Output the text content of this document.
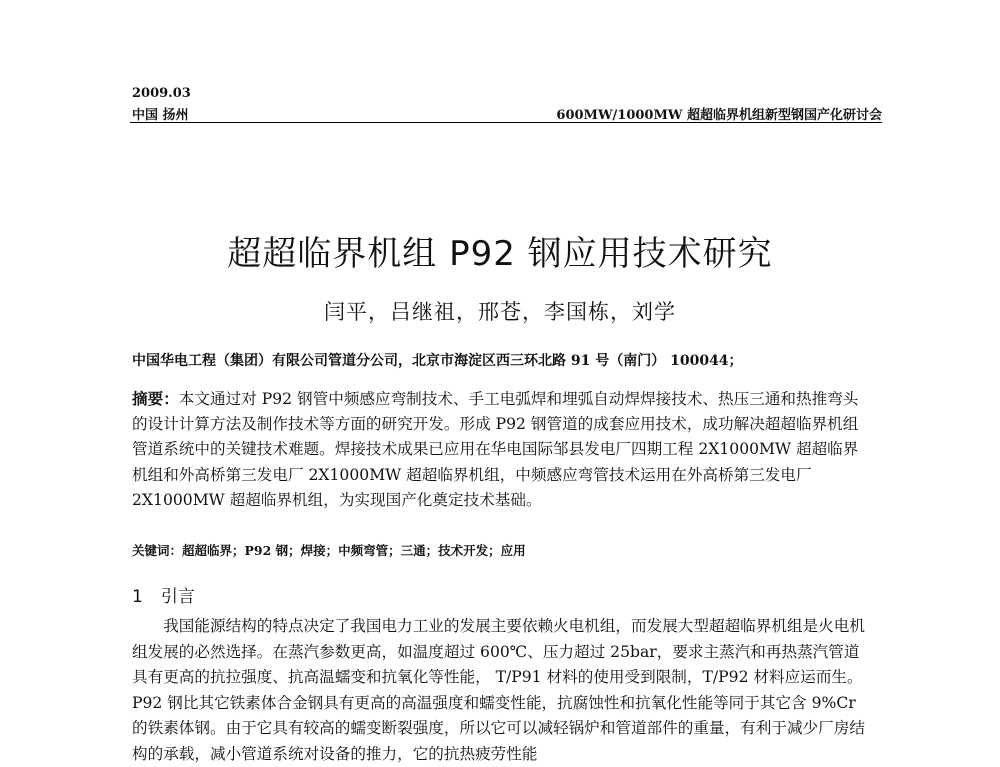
2009.03
中国 扬州	600MW/1000MW 超超临界机组新型钢国产化研讨会
超超临界机组 P92 钢应用技术研究
闫平，吕继祖，邢苍，李国栋，刘学
中国华电工程（集团）有限公司管道分公司，北京市海淀区西三环北路 91 号（南门） 100044；
摘要：本文通过对 P92 钢管中频感应弯制技术、手工电弧焊和埋弧自动焊焊接技术、热压三通和热推弯头的设计计算方法及制作技术等方面的研究开发。形成 P92 钢管道的成套应用技术，成功解决超超临界机组管道系统中的关键技术难题。焊接技术成果已应用在华电国际邹县发电厂四期工程 2X1000MW 超超临界机组和外高桥第三发电厂 2X1000MW 超超临界机组，中频感应弯管技术运用在外高桥第三发电厂 2X1000MW 超超临界机组，为实现国产化奠定技术基础。
关键词：超超临界；P92 钢；焊接；中频弯管；三通；技术开发；应用
1 引言
我国能源结构的特点决定了我国电力工业的发展主要依赖火电机组，而发展大型超超临界机组是火电机组发展的必然选择。在蒸汽参数更高，如温度超过 600℃、压力超过 25bar，要求主蒸汽和再热蒸汽管道具有更高的抗拉强度、抗高温蠕变和抗氧化等性能， T/P91 材料的使用受到限制，T/P92 材料应运而生。P92 钢比其它铁素体合金钢具有更高的高温强度和蠕变性能，抗腐蚀性和抗氧化性能等同于其它含 9%Cr 的铁素体钢。由于它具有较高的蠕变断裂强度，所以它可以减轻锅炉和管道部件的重量，有利于减少厂房结构的承载，减小管道系统对设备的推力，它的抗热疲劳性能
